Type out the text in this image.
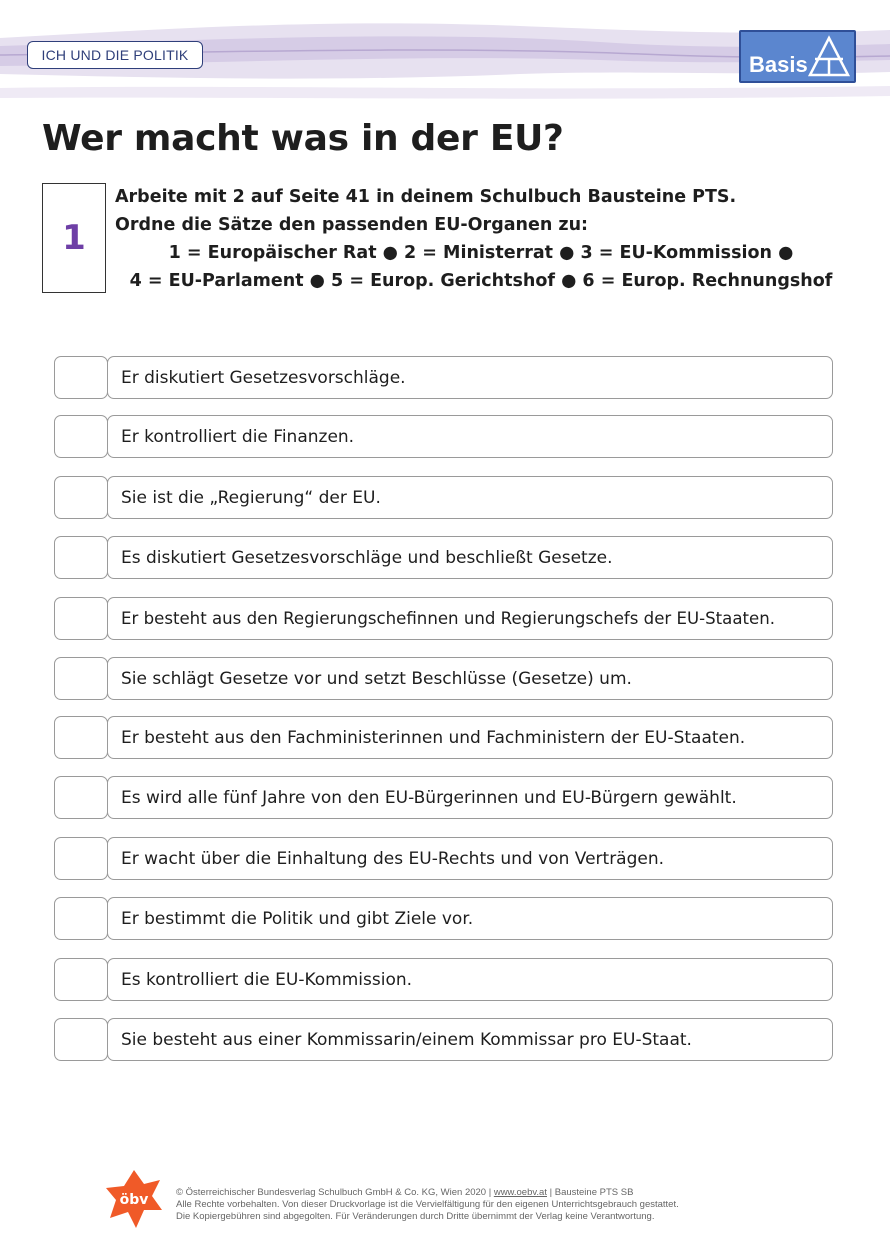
ICH UND DIE POLITIK	Basis
Wer macht was in der EU?
1
Arbeite mit 2 auf Seite 41 in deinem Schulbuch Bausteine PTS.
Ordne die Sätze den passenden EU-Organen zu:
1 = Europäischer Rat ● 2 = Ministerrat ● 3 = EU-Kommission ●
4 = EU-Parlament ● 5 = Europ. Gerichtshof ● 6 = Europ. Rechnungshof
Er diskutiert Gesetzesvorschläge.
Er kontrolliert die Finanzen.
Sie ist die „Regierung“ der EU.
Es diskutiert Gesetzesvorschläge und beschließt Gesetze.
Er besteht aus den Regierungschefinnen und Regierungschefs der EU-Staaten.
Sie schlägt Gesetze vor und setzt Beschlüsse (Gesetze) um.
Er besteht aus den Fachministerinnen und Fachministern der EU-Staaten.
Es wird alle fünf Jahre von den EU-Bürgerinnen und EU-Bürgern gewählt.
Er wacht über die Einhaltung des EU-Rechts und von Verträgen.
Er bestimmt die Politik und gibt Ziele vor.
Es kontrolliert die EU-Kommission.
Sie besteht aus einer Kommissarin/einem Kommissar pro EU-Staat.
öbv	© Österreichischer Bundesverlag Schulbuch GmbH & Co. KG, Wien 2020 | www.oebv.at | Bausteine PTS SB
Alle Rechte vorbehalten. Von dieser Druckvorlage ist die Vervielfältigung für den eigenen Unterrichtsgebrauch gestattet.
Die Kopiergebühren sind abgegolten. Für Veränderungen durch Dritte übernimmt der Verlag keine Verantwortung.
